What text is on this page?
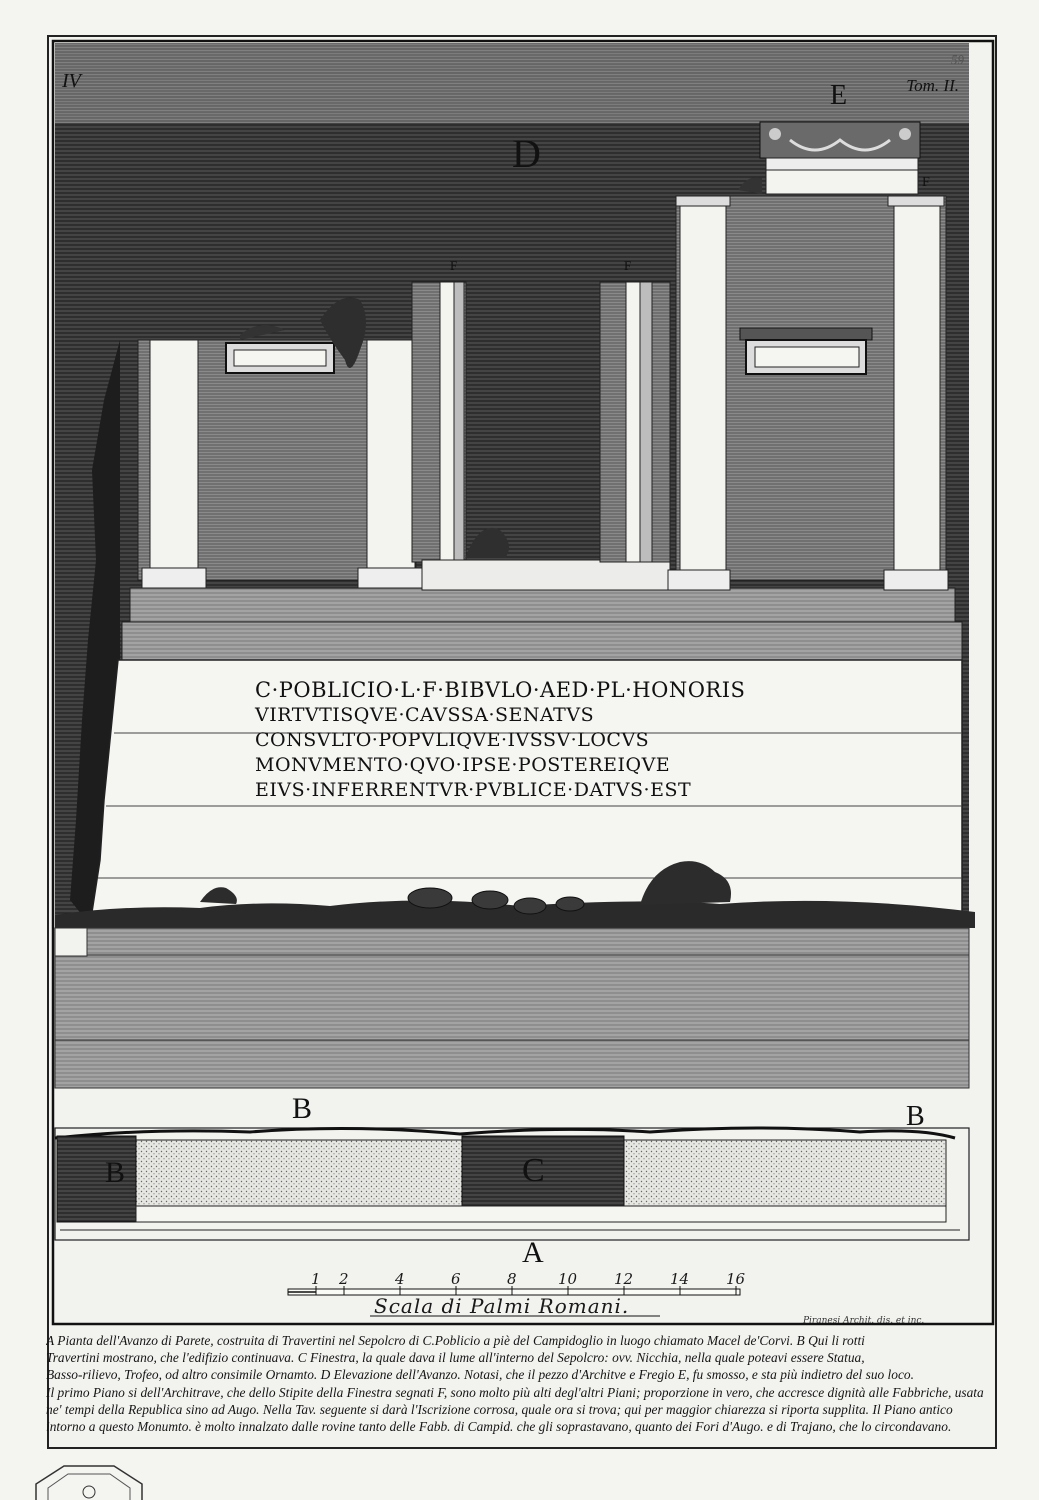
IV	Tom. II.
59
D
E
F
F	F
C·POBLICIO·L·F·BIBVLO·AED·PL·HONORIS
VIRTVTISQVE·CAVSSA·SENATVS
CONSVLTO·POPVLIQVE·IVSSV·LOCVS
MONVMENTO·QVO·IPSE·POSTEREIQVE
EIVS·INFERRENTVR·PVBLICE·DATVS·EST
B	B
B	C
A
1 2	4	6	8	10 12 14 16
Scala di Palmi Romani.
Piranesi Archit. dis. et inc.
A Pianta dell'Avanzo di Parete, costruita di Travertini nel Sepolcro di C.Poblicio a piè del Campidoglio in luogo chiamato Macel de'Corvi. B Qui li rotti
Travertini mostrano, che l'edifizio continuava. C Finestra, la quale dava il lume all'interno del Sepolcro: ovv. Nicchia, nella quale poteavi essere Statua,
Basso-rilievo, Trofeo, od altro consimile Ornamto. D Elevazione dell'Avanzo. Notasi, che il pezzo d'Architve e Fregio E, fu smosso, e sta più indietro del suo loco.
Il primo Piano si dell'Architrave, che dello Stipite della Finestra segnati F, sono molto più alti degl'altri Piani; proporzione in vero, che accresce dignità alle Fabbriche, usata
ne' tempi della Republica sino ad Augo. Nella Tav. seguente si darà l'Iscrizione corrosa, quale ora si trova; qui per maggior chiarezza si riporta supplita. Il Piano antico
intorno a questo Monumto. è molto innalzato dalle rovine tanto delle Fabb. di Campid. che gli soprastavano, quanto dei Fori d'Augo. e di Trajano, che lo circondavano.
